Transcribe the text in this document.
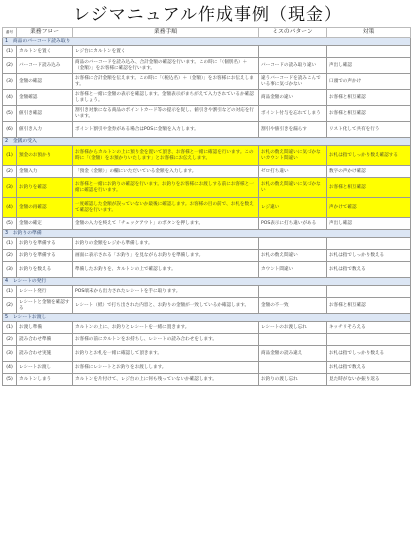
レジマニュアル作成事例（現金）
番号	業務フロー	業務手順	ミスのパターン	対策
1　商品のバーコード読み取り				
(1)	カルトンを置く	レジ台にカルトンを置く		
(2)	バーコード読み込み	商品のバーコードを読み込み、合計金額の確認を行います。この時に「（個別名）＋（金額）」をお客様に確認を行います。	バーコードの読み取り違い	声出し確認
(3)	金額の確認	お客様に合計金額を伝えます。この時に「（税込名）＋（金額）」をお客様にお伝えします。	違うバーコードを読みこんでいる事に気づかない	口頭での声かけ
(4)	金額確認	お客様と一緒に金額の表示を確認します。金額表示がまちがえて入力されているか確認しましょう。	商品金額の違い	お客様と相互確認
(5)	値引き確認	割引き対象になる商品のポイントカード等の提示を促し、値引きや割引などの対応を行います。	ポイント付与を忘れてしまう	お客様と相互確認
(6)	値引き入力	ポイント割引や金券がある場合はPOSに金額を入力します。	割引や値引きを漏らす	リスト化して共有を行う
2　金銭の受入				
(1)	預金のお預かり	お客様からカルトンの上に預り金を置いて頂き、お客様と一緒に確認を行います。この時に「（金額）をお預かりいたします」とお客様にお伝えします。	お札の数え間違いに気づかないカウント間違い	お札は指でしっかり数え確認する
(2)	金額入力	「預金（金額）」の欄にいただいている金額を入力します。	ゼロ打ち違い	数字の声かけ確認
(3)	お釣りを確認	お客様と一緒にお釣りの確認を行います。お釣りをお客様にお渡しする前にお客様と一緒に確認を行います。	お札の数え間違いに気づかない	お客様と相互確認
(4)	金額の再確認	一度確認した金額が誤っていないか最後に確認します。お客様の目の前で、お札を数えて確認を行います。	レジ違い	声かけて確認
(5)	金額の確定	金額の入力を終えて「チェックアウト」のボタンを押します。	POS表示に打ち違いがある	声出し確認
3　お釣りの準備				
(1)	お釣りを準備する	お釣りの金額をレジから準備します。		
(2)	お釣りを準備する	画面に表示される「お釣り」を見ながらお釣りを準備します。	お札の数え間違い	お札は指でしっかり数える
(3)	お釣りを数える	準備したお釣りを、カルトンの上で確認します。	カウント間違い	お札は指で数える
4　レシートの発行				
(1)	レシート発行	POS端末から出力されたレシートを手に取ります。		
(2)	レシートと金額を確認する	レシート（紙）で打ち出された内容と、お釣りの金額が一致しているか確認します。	金額の不一致	お客様と相互確認
5　レシートお渡し				
(1)	お渡し準備	カルトンの上に、お釣りとレシートを一緒に置きます。	レシートのお渡し忘れ	キッチリそろえる
(2)	読み合わせ準備	お客様の前にカルトンをお持ちし、レシートの読み合わせをします。		
(3)	読み合わせ実施	お釣りとお札を一緒に確認して頂きます。	商品金額の読み違え	お札は指でしっかり数える
(4)	レシートお渡し	お客様にレシートとお釣りをお渡しします。		お札は指で数える
(5)	カルトンしまう	カルトンを片付けて、レジ台の上に何も残っていないか確認します。	お釣りの渡し忘れ	見た時がないか振り返る
